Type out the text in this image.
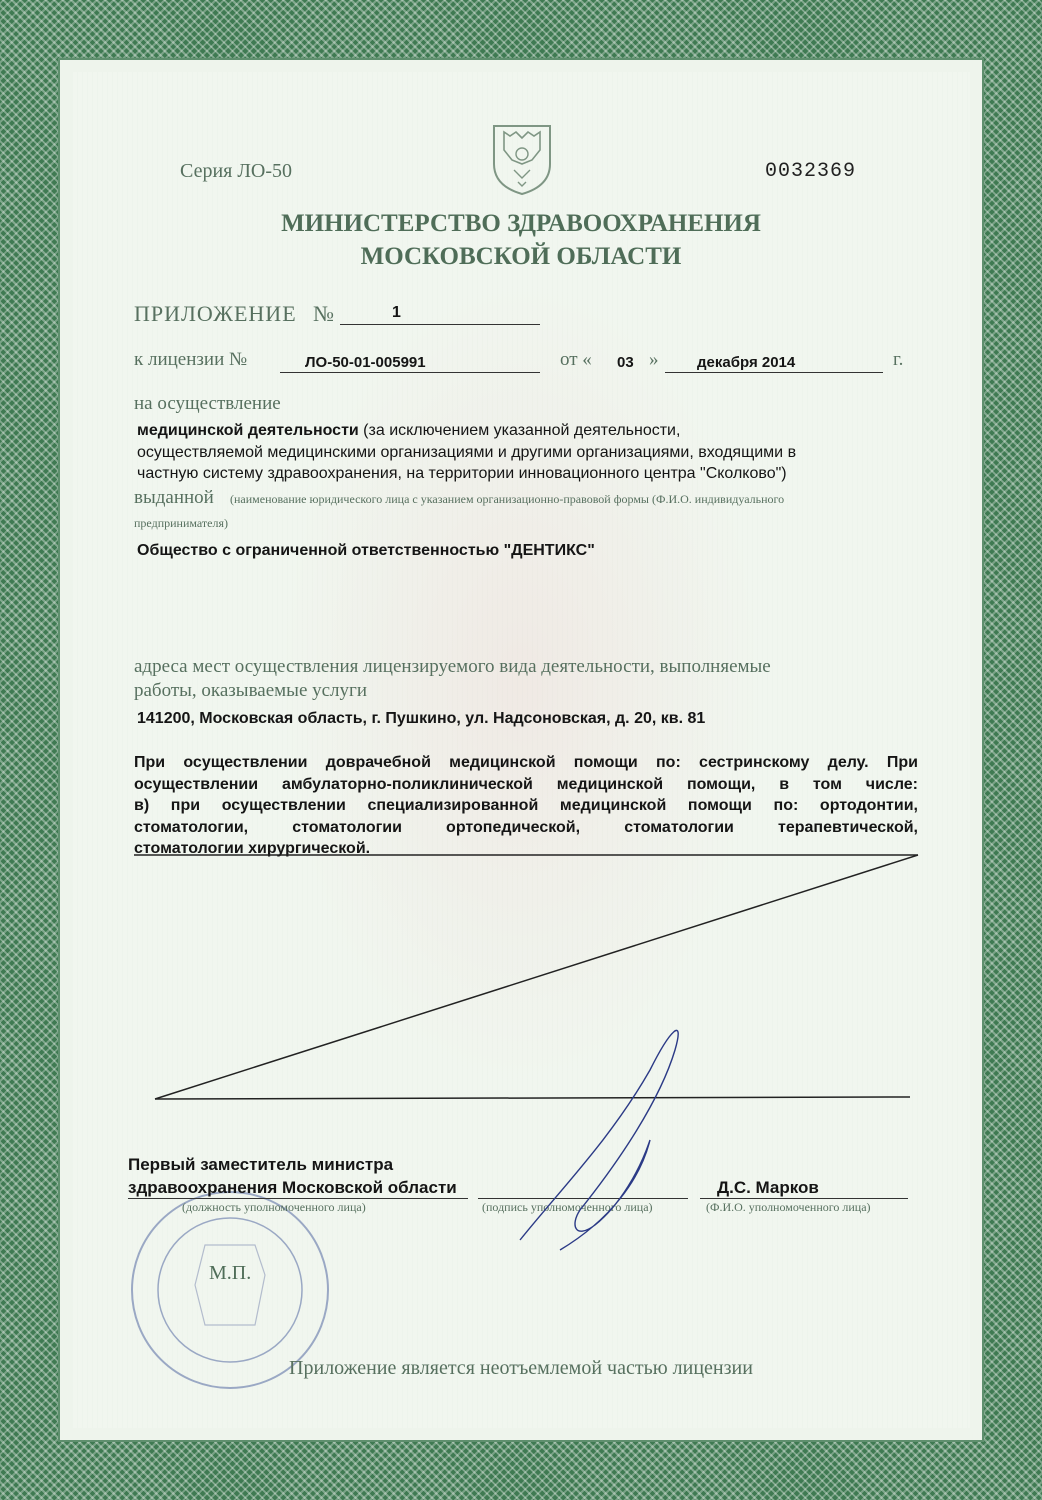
Серия ЛО-50	0032369
МИНИСТЕРСТВО ЗДРАВООХРАНЕНИЯ
МОСКОВСКОЙ ОБЛАСТИ
ПРИЛОЖЕНИЕ №	1
к лицензии №	ЛО-50-01-005991	от « 03 »	декабря 2014	г.
на осуществление
медицинской деятельности (за исключением указанной деятельности,
осуществляемой медицинскими организациями и другими организациями, входящими в
частную систему здравоохранения, на территории инновационного центра "Сколково")
выданной (наименование юридического лица с указанием организационно-правовой формы (Ф.И.О. индивидуального
предпринимателя)
Общество с ограниченной ответственностью "ДЕНТИКС"
адреса мест осуществления лицензируемого вида деятельности, выполняемые
работы, оказываемые услуги
141200, Московская область, г. Пушкино, ул. Надсоновская, д. 20, кв. 81
При осуществлении доврачебной медицинской помощи по: сестринскому делу. При
осуществлении амбулаторно-поликлинической медицинской помощи, в том числе:
в) при осуществлении специализированной медицинской помощи по: ортодонтии,
стоматологии, стоматологии ортопедической, стоматологии терапевтической,
стоматологии хирургической.
М.П.
Первый заместитель министра
здравоохранения Московской области
(должность уполномоченного лица)	(подпись уполномоченного лица)
Д.С. Марков
(Ф.И.О. уполномоченного лица)
Приложение является неотъемлемой частью лицензии
